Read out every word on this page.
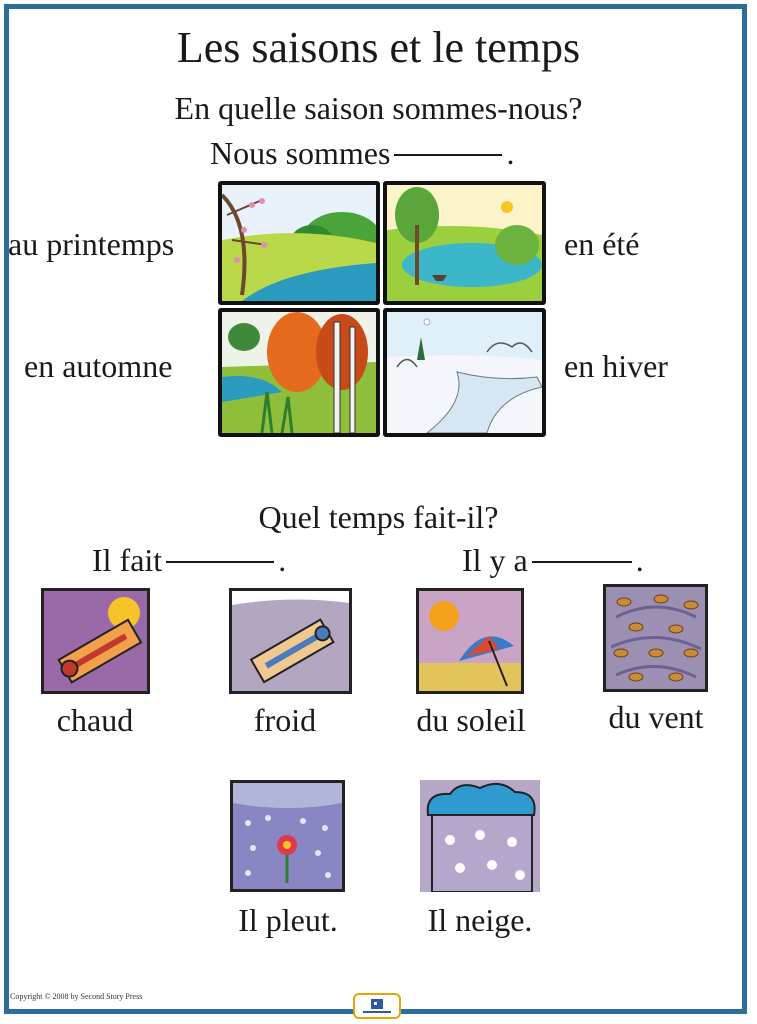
Les saisons et le temps
En quelle saison sommes-nous?
Nous sommes	.
au printemps	en été
en automne	en hiver
Quel temps fait-il?
Il fait	.	Il y a	.
chaud	froid	du soleil	du vent
Il pleut.	Il neige.
Copyright © 2008 by Second Story Press
